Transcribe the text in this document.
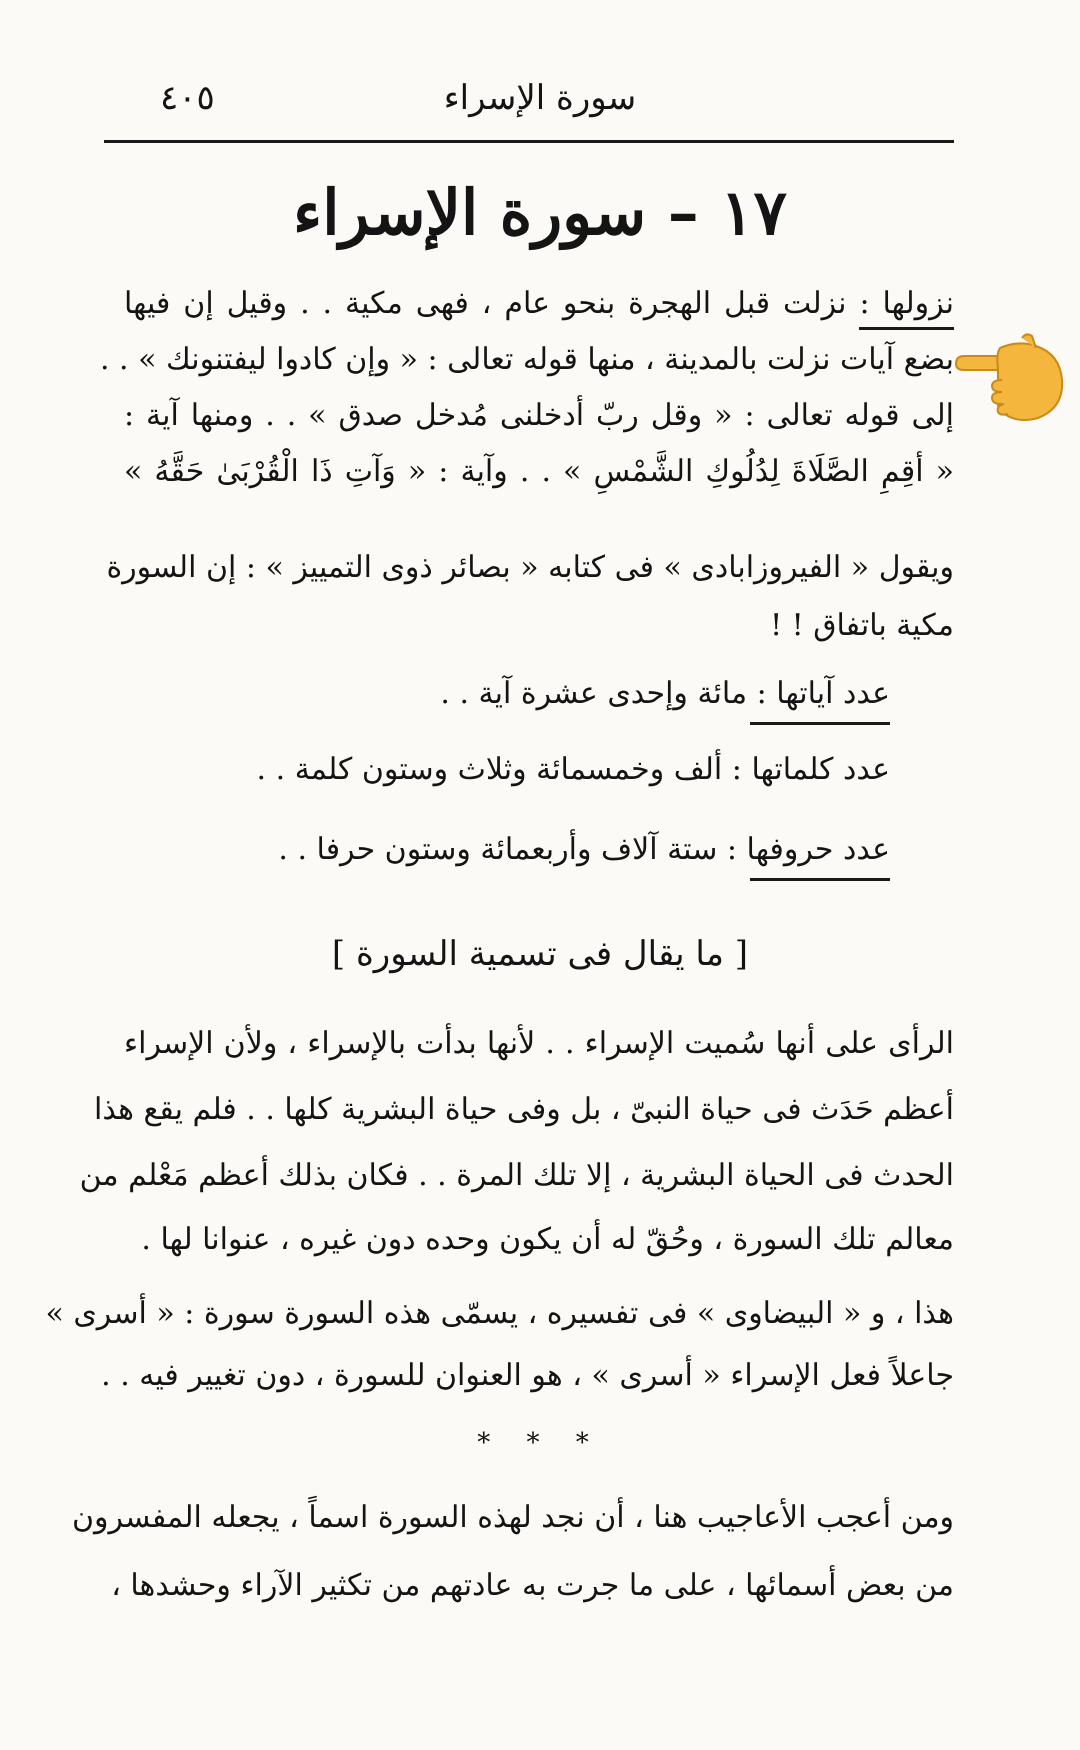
سورة الإسراء
٤٠٥
١٧ – سورة الإسراء
نزولها : نزلت قبل الهجرة بنحو عام ، فهى مكية . . وقيل إن فيها
بضع آيات نزلت بالمدينة ، منها قوله تعالى : « وإن كادوا ليفتنونك » . .
إلى قوله تعالى : « وقل ربّ أدخلنى مُدخل صدق » . . ومنها آية :
« أقِمِ الصَّلَاةَ لِدُلُوكِ الشَّمْسِ » . . وآية : « وَآتِ ذَا الْقُرْبَىٰ حَقَّهُ »
ويقول « الفيروزابادى » فى كتابه « بصائر ذوى التمييز » : إن السورة
مكية باتفاق ! !
عدد آياتها : مائة وإحدى عشرة آية . .
عدد كلماتها : ألف وخمسمائة وثلاث وستون كلمة . .
عدد حروفها : ستة آلاف وأربعمائة وستون حرفا . .
[ ما يقال فى تسمية السورة ]
الرأى على أنها سُميت الإسراء . . لأنها بدأت بالإسراء ، ولأن الإسراء
أعظم حَدَث فى حياة النبىّ ، بل وفى حياة البشرية كلها . . فلم يقع هذا
الحدث فى الحياة البشرية ، إلا تلك المرة . . فكان بذلك أعظم مَعْلم من
معالم تلك السورة ، وحُقّ له أن يكون وحده دون غيره ، عنوانا لها .
هذا ، و « البيضاوى » فى تفسيره ، يسمّى هذه السورة سورة : « أسرى »
جاعلاً فعل الإسراء « أسرى » ، هو العنوان للسورة ، دون تغيير فيه . .
* * *
ومن أعجب الأعاجيب هنا ، أن نجد لهذه السورة اسماً ، يجعله المفسرون
من بعض أسمائها ، على ما جرت به عادتهم من تكثير الآراء وحشدها ،
